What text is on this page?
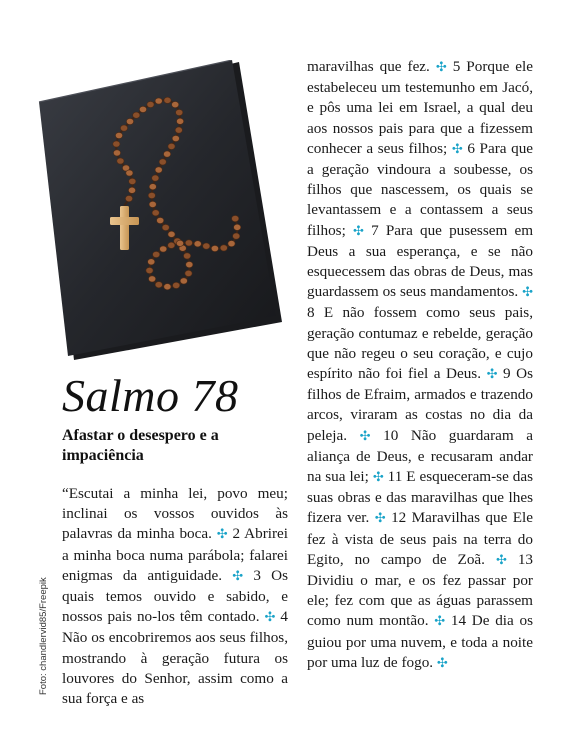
Salmo 78
Afastar o desespero e a impaciência

Foto: chandlervid85/Freepik

“Escutai a minha lei, povo meu; inclinai os vossos ouvidos às palavras da minha boca. ✣ 2 Abrirei a minha boca numa parábola; falarei enigmas da antiguidade. ✣ 3 Os quais temos ouvido e sabido, e nossos pais no-los têm contado. ✣ 4 Não os encobriremos aos seus filhos, mostrando à geração futura os louvores do Senhor, assim como a sua força e as

maravilhas que fez. ✣ 5 Porque ele estabeleceu um testemunho em Jacó, e pôs uma lei em Israel, a qual deu aos nossos pais para que a fizessem conhecer a seus filhos; ✣ 6 Para que a geração vindoura a soubesse, os filhos que nascessem, os quais se levantassem e a contassem a seus filhos; ✣ 7 Para que pusessem em Deus a sua esperança, e se não esquecessem das obras de Deus, mas guardassem os seus mandamentos. ✣ 8 E não fossem como seus pais, geração contumaz e rebelde, geração que não regeu o seu coração, e cujo espírito não foi fiel a Deus. ✣ 9 Os filhos de Efraim, armados e trazendo arcos, viraram as costas no dia da peleja. ✣ 10 Não guardaram a aliança de Deus, e recusaram andar na sua lei; ✣ 11 E esqueceram-se das suas obras e das maravilhas que lhes fizera ver. ✣ 12 Maravilhas que Ele fez à vista de seus pais na terra do Egito, no campo de Zoã. ✣ 13 Dividiu o mar, e os fez passar por ele; fez com que as águas parassem como num montão. ✣ 14 De dia os guiou por uma nuvem, e toda a noite por uma luz de fogo. ✣
